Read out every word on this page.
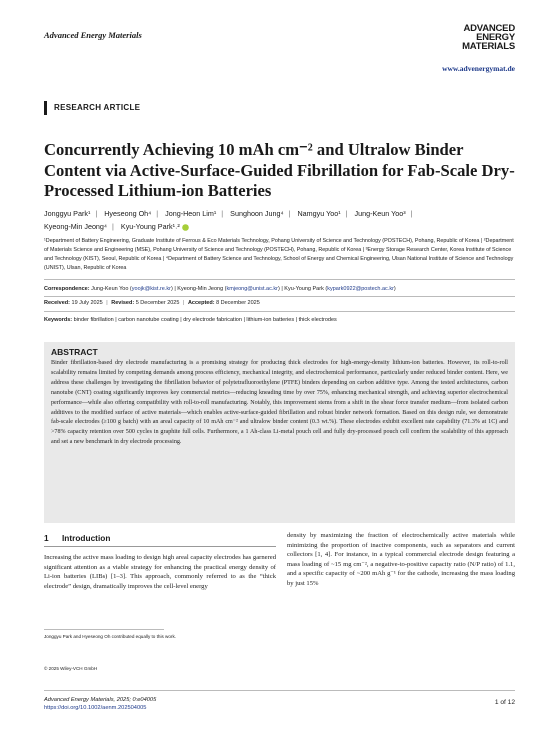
Advanced Energy Materials
ADVANCED
ENERGY
MATERIALS
www.advenergymat.de
RESEARCH ARTICLE
Concurrently Achieving 10 mAh cm⁻² and Ultralow Binder Content via Active-Surface-Guided Fibrillation for Fab-Scale Dry-Processed Lithium-ion Batteries
Jonggyu Park¹ | Hyeseong Oh⁴ | Jong-Heon Lim¹ | Sunghoon Jung⁴ | Namgyu Yoo¹ | Jung-Keun Yoo³ |
Kyeong-Min Jeong⁴ | Kyu-Young Park¹˒²
¹Department of Battery Engineering, Graduate Institute of Ferrous & Eco Materials Technology, Pohang University of Science and Technology (POSTECH), Pohang, Republic of Korea | ²Department of Materials Science and Engineering (MSE), Pohang University of Science and Technology (POSTECH), Pohang, Republic of Korea | ³Energy Storage Research Center, Korea Institute of Science and Technology (KIST), Seoul, Republic of Korea | ⁴Department of Battery Science and Technology, School of Energy and Chemical Engineering, Ulsan National Institute of Science and Technology (UNIST), Ulsan, Republic of Korea
Correspondence: Jung-Keun Yoo (yoojk@kist.re.kr) | Kyeong-Min Jeong (kmjeong@unist.ac.kr) | Kyu-Young Park (kypark0922@postech.ac.kr)
Received: 19 July 2025 | Revised: 5 December 2025 | Accepted: 8 December 2025
Keywords: binder fibrillation | carbon nanotube coating | dry electrode fabrication | lithium-ion batteries | thick electrodes
ABSTRACT
Binder fibrillation-based dry electrode manufacturing is a promising strategy for producing thick electrodes for high-energy-density lithium-ion batteries. However, its roll-to-roll scalability remains limited by competing demands among process efficiency, mechanical integrity, and electrochemical performance, particularly under reduced binder content. Here, we address these challenges by investigating the fibrillation behavior of polytetrafluoroethylene (PTFE) binders depending on carbon additive type. Among the tested architectures, carbon nanotube (CNT) coating significantly improves key commercial metrics—reducing kneading time by over 75%, enhancing mechanical strength, and achieving superior electrochemical performance—while also offering compatibility with roll-to-roll manufacturing. Notably, this improvement stems from a shift in the shear force transfer medium—from isolated carbon additives to the modified surface of active materials—which enables active-surface-guided fibrillation and robust binder network formation. Based on this design rule, we demonstrate fab-scale electrodes (≥100 g batch) with an areal capacity of 10 mAh cm⁻² and ultralow binder content (0.3 wt.%). These electrodes exhibit excellent rate capability (71.3% at 1C) and >78% capacity retention over 500 cycles in graphite full cells. Furthermore, a 1 Ah-class Li-metal pouch cell and fully dry-processed pouch cell confirm the scalability of this approach and set a new benchmark in dry electrode processing.
1 Introduction
Increasing the active mass loading to design high areal capacity electrodes has garnered significant attention as a viable strategy for enhancing the practical energy density of Li-ion batteries (LIBs) [1–3]. This approach, commonly referred to as the “thick electrode” design, dramatically improves the cell-level energy
density by maximizing the fraction of electrochemically active materials while minimizing the proportion of inactive components, such as separators and current collectors [1, 4]. For instance, in a typical commercial electrode design featuring a mass loading of ~15 mg cm⁻², a negative-to-positive capacity ratio (N/P ratio) of 1.1, and a specific capacity of ~200 mAh g⁻¹ for the cathode, increasing the mass loading by just 15%
Jonggyu Park and Hyeseong Oh contributed equally to this work.
© 2025 Wiley-VCH GmbH
Advanced Energy Materials, 2025; 0:e04005
https://doi.org/10.1002/aenm.202504005
1 of 12
